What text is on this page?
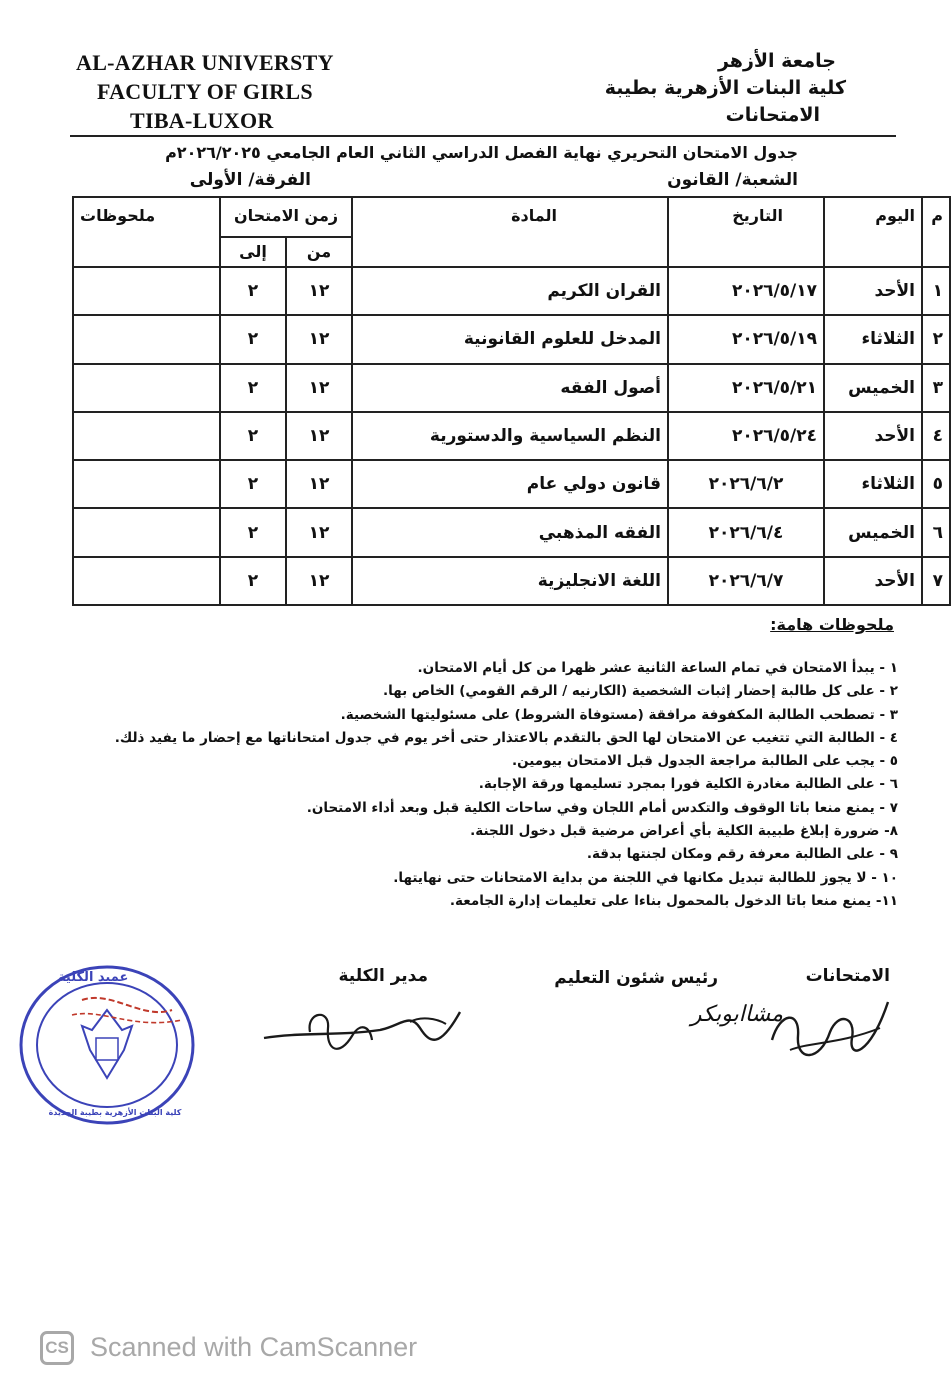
AL-AZHAR UNIVERSTY
FACULTY OF GIRLS
TIBA-LUXOR
جامعة الأزهر
كلية البنات الأزهرية بطيبة
الامتحانات
جدول الامتحان التحريري نهاية الفصل الدراسي الثاني العام الجامعي ٢٠٢٦/٢٠٢٥م
الشعبة/ القانون
الفرقة/ الأولى
م	اليوم	التاريخ	المادة	زمن الامتحان		ملحوظات
				من	إلى	
١	الأحد	٢٠٢٦/٥/١٧	القران الكريم	١٢	٢	
٢	الثلاثاء	٢٠٢٦/٥/١٩	المدخل للعلوم القانونية	١٢	٢	
٣	الخميس	٢٠٢٦/٥/٢١	أصول الفقه	١٢	٢	
٤	الأحد	٢٠٢٦/٥/٢٤	النظم السياسية والدستورية	١٢	٢	
٥	الثلاثاء	٢٠٢٦/٦/٢	قانون دولي عام	١٢	٢	
٦	الخميس	٢٠٢٦/٦/٤	الفقه المذهبي	١٢	٢	
٧	الأحد	٢٠٢٦/٦/٧	اللغة الانجليزية	١٢	٢	
ملحوظات هامة:
١ - يبدأ الامتحان في تمام الساعة الثانية عشر ظهرا من كل أيام الامتحان.
٢ - على كل طالبة إحضار إثبات الشخصية (الكارنيه / الرقم القومي) الخاص بها.
٣ - تصطحب الطالبة المكفوفة مرافقة (مستوفاة الشروط) على مسئوليتها الشخصية.
٤ - الطالبة التي تتغيب عن الامتحان لها الحق بالتقدم بالاعتذار حتى أخر يوم في جدول امتحاناتها مع إحضار ما يفيد ذلك.
٥ - يجب على الطالبة مراجعة الجدول قبل الامتحان بيومين.
٦ - على الطالبة مغادرة الكلية فورا بمجرد تسليمها ورقة الإجابة.
٧ - يمنع منعا باتا الوقوف والتكدس أمام اللجان وفي ساحات الكلية قبل وبعد أداء الامتحان.
٨- ضرورة إبلاغ طبيبة الكلية بأي أعراض مرضية قبل دخول اللجنة.
٩ - على الطالبة معرفة رقم ومكان لجنتها بدقة.
١٠ - لا يجوز للطالبة تبديل مكانها في اللجنة من بداية الامتحانات حتى نهايتها.
١١- يمنع منعا باتا الدخول بالمحمول بناءا على تعليمات إدارة الجامعة.
الامتحانات
رئيس شئون التعليم
مدير الكلية
مشاابوبكر
كلية البنات الأزهرية بطيبة الجديدة
عميد الكلية
CS Scanned with CamScanner
